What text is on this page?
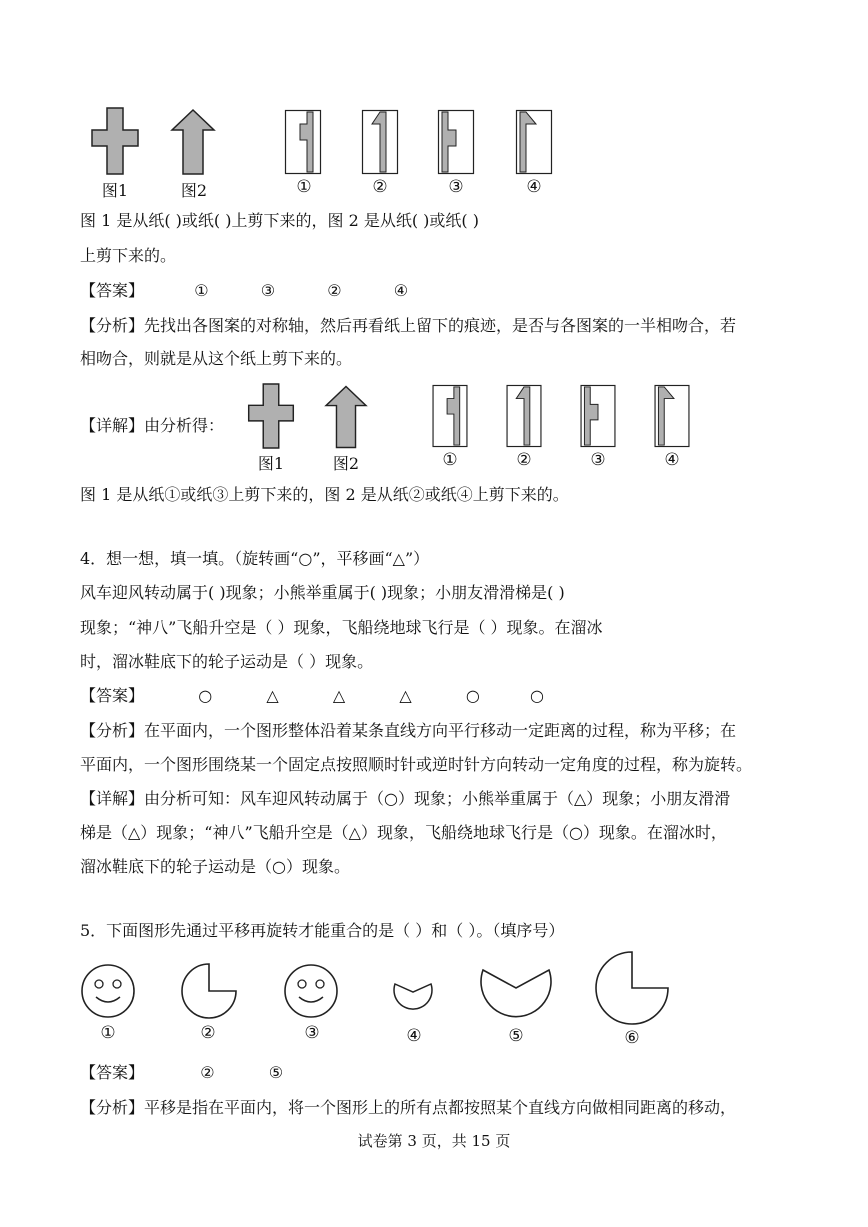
图1	图2	①	②	③	④
图 1 是从纸( )或纸( )上剪下来的，图 2 是从纸( )或纸( )
上剪下来的。
【答案】	①	③	②	④
【分析】先找出各图案的对称轴，然后再看纸上留下的痕迹，是否与各图案的一半相吻合，若
相吻合，则就是从这个纸上剪下来的。
【详解】由分析得：
图1	图2	①	②	③	④
图 1 是从纸①或纸③上剪下来的，图 2 是从纸②或纸④上剪下来的。
4．想一想，填一填。（旋转画“○”，平移画“△”）
风车迎风转动属于( )现象；小熊举重属于( )现象；小朋友滑滑梯是( )
现象；“神八”飞船升空是（ ）现象，飞船绕地球飞行是（ ）现象。在溜冰
时，溜冰鞋底下的轮子运动是（ ）现象。
【答案】	○	△	△	△	○	○
【分析】在平面内，一个图形整体沿着某条直线方向平行移动一定距离的过程，称为平移；在
平面内，一个图形围绕某一个固定点按照顺时针或逆时针方向转动一定角度的过程，称为旋转。
【详解】由分析可知：风车迎风转动属于（○）现象；小熊举重属于（△）现象；小朋友滑滑
梯是（△）现象；“神八”飞船升空是（△）现象，飞船绕地球飞行是（○）现象。在溜冰时，
溜冰鞋底下的轮子运动是（○）现象。
5．下面图形先通过平移再旋转才能重合的是（ ）和（ ）。（填序号）
①	②	③	④	⑤	⑥
【答案】	②	⑤
【分析】平移是指在平面内，将一个图形上的所有点都按照某个直线方向做相同距离的移动，
试卷第 3 页，共 15 页
